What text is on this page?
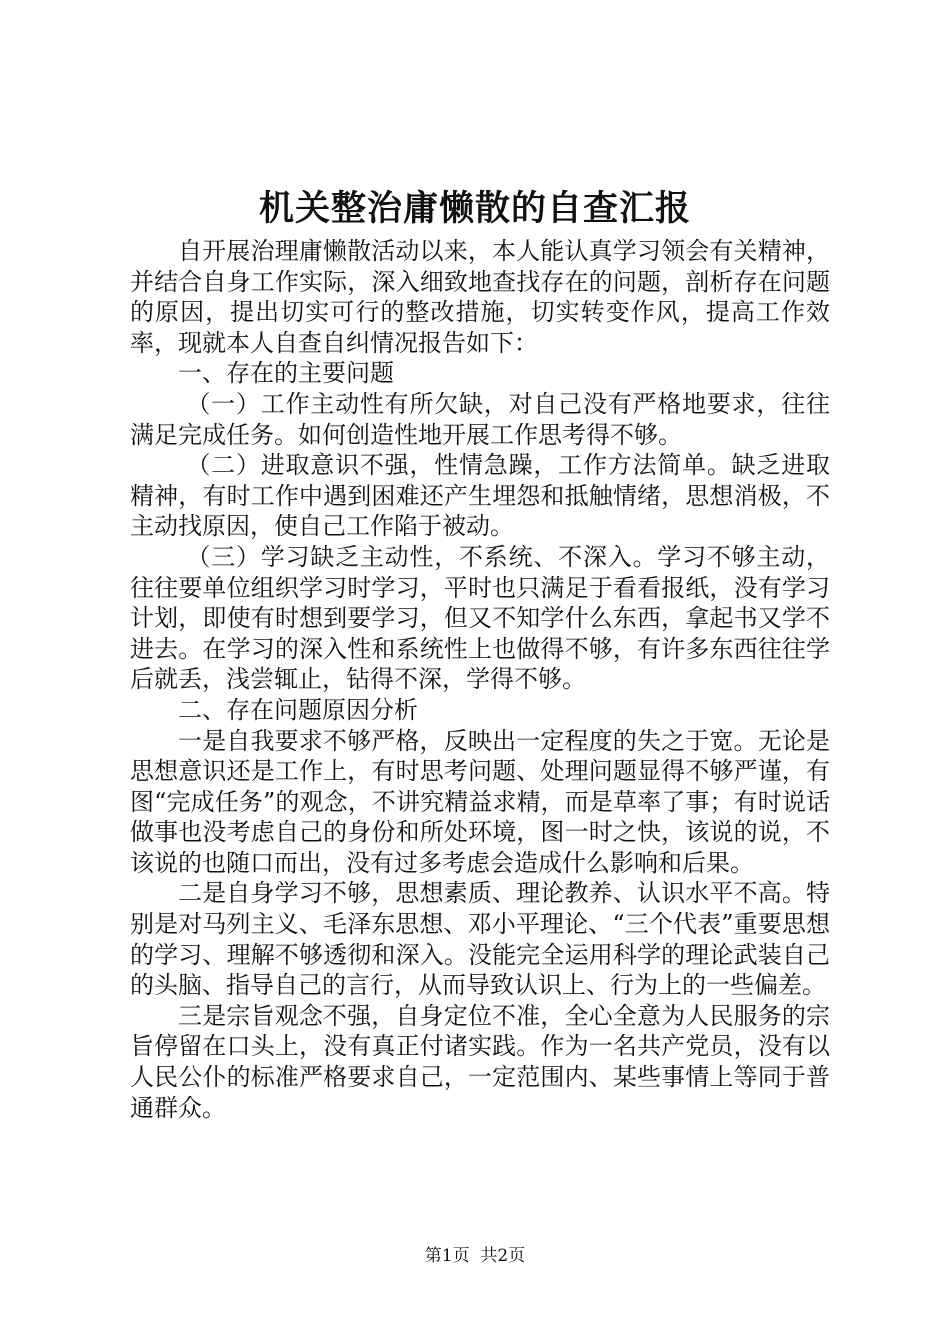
机关整治庸懒散的自查汇报

自开展治理庸懒散活动以来，本人能认真学习领会有关精神，并结合自身工作实际，深入细致地查找存在的问题，剖析存在问题的原因，提出切实可行的整改措施，切实转变作风，提高工作效率，现就本人自查自纠情况报告如下：

一、存在的主要问题

（一）工作主动性有所欠缺，对自己没有严格地要求，往往满足完成任务。如何创造性地开展工作思考得不够。

（二）进取意识不强，性情急躁，工作方法简单。缺乏进取精神，有时工作中遇到困难还产生埋怨和抵触情绪，思想消极，不主动找原因，使自己工作陷于被动。

（三）学习缺乏主动性，不系统、不深入。学习不够主动，往往要单位组织学习时学习，平时也只满足于看看报纸，没有学习计划，即使有时想到要学习，但又不知学什么东西，拿起书又学不进去。在学习的深入性和系统性上也做得不够，有许多东西往往学后就丢，浅尝辄止，钻得不深，学得不够。

二、存在问题原因分析

一是自我要求不够严格，反映出一定程度的失之于宽。无论是思想意识还是工作上，有时思考问题、处理问题显得不够严谨，有图“完成任务”的观念，不讲究精益求精，而是草率了事；有时说话做事也没考虑自己的身份和所处环境，图一时之快，该说的说，不该说的也随口而出，没有过多考虑会造成什么影响和后果。

二是自身学习不够，思想素质、理论教养、认识水平不高。特别是对马列主义、毛泽东思想、邓小平理论、“三个代表”重要思想的学习、理解不够透彻和深入。没能完全运用科学的理论武装自己的头脑、指导自己的言行，从而导致认识上、行为上的一些偏差。

三是宗旨观念不强，自身定位不准，全心全意为人民服务的宗旨停留在口头上，没有真正付诸实践。作为一名共产党员，没有以人民公仆的标准严格要求自己，一定范围内、某些事情上等同于普通群众。

第1页  共2页
